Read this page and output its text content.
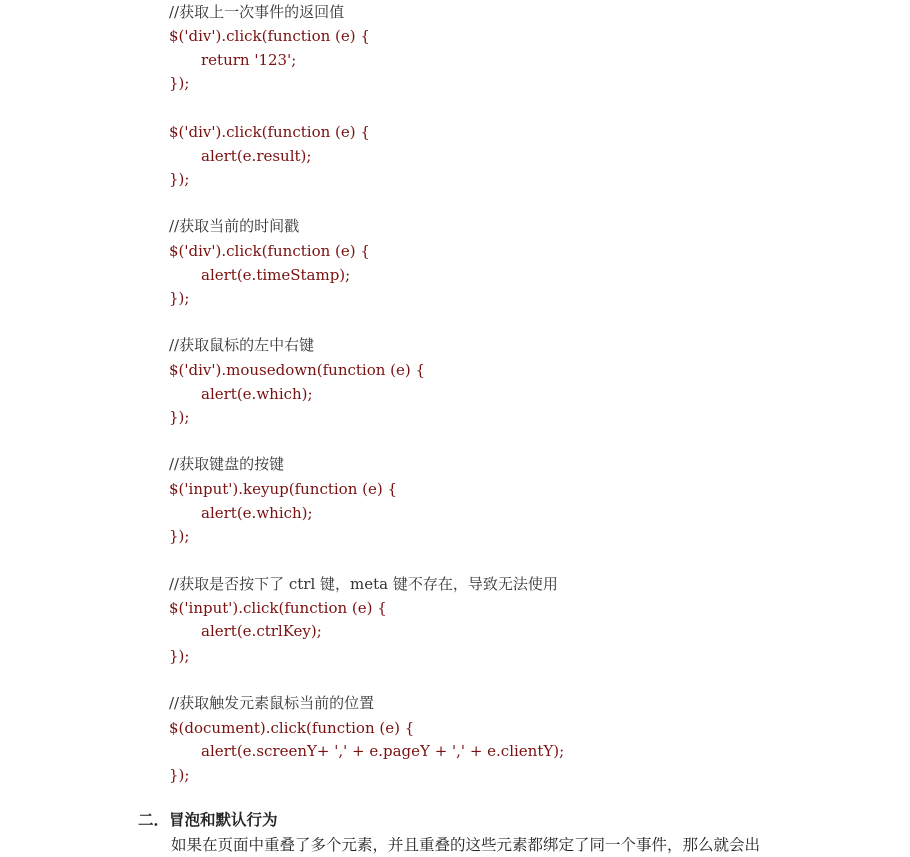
//获取上一次事件的返回值
$('div').click(function (e) {
return '123';
});
$('div').click(function (e) {
alert(e.result);
});
//获取当前的时间戳
$('div').click(function (e) {
alert(e.timeStamp);
});
//获取鼠标的左中右键
$('div').mousedown(function (e) {
alert(e.which);
});
//获取键盘的按键
$('input').keyup(function (e) {
alert(e.which);
});
//获取是否按下了 ctrl 键，meta 键不存在，导致无法使用
$('input').click(function (e) {
alert(e.ctrlKey);
});
//获取触发元素鼠标当前的位置
$(document).click(function (e) {
alert(e.screenY+ ',' + e.pageY + ',' + e.clientY);
});
二．冒泡和默认行为
如果在页面中重叠了多个元素，并且重叠的这些元素都绑定了同一个事件，那么就会出
